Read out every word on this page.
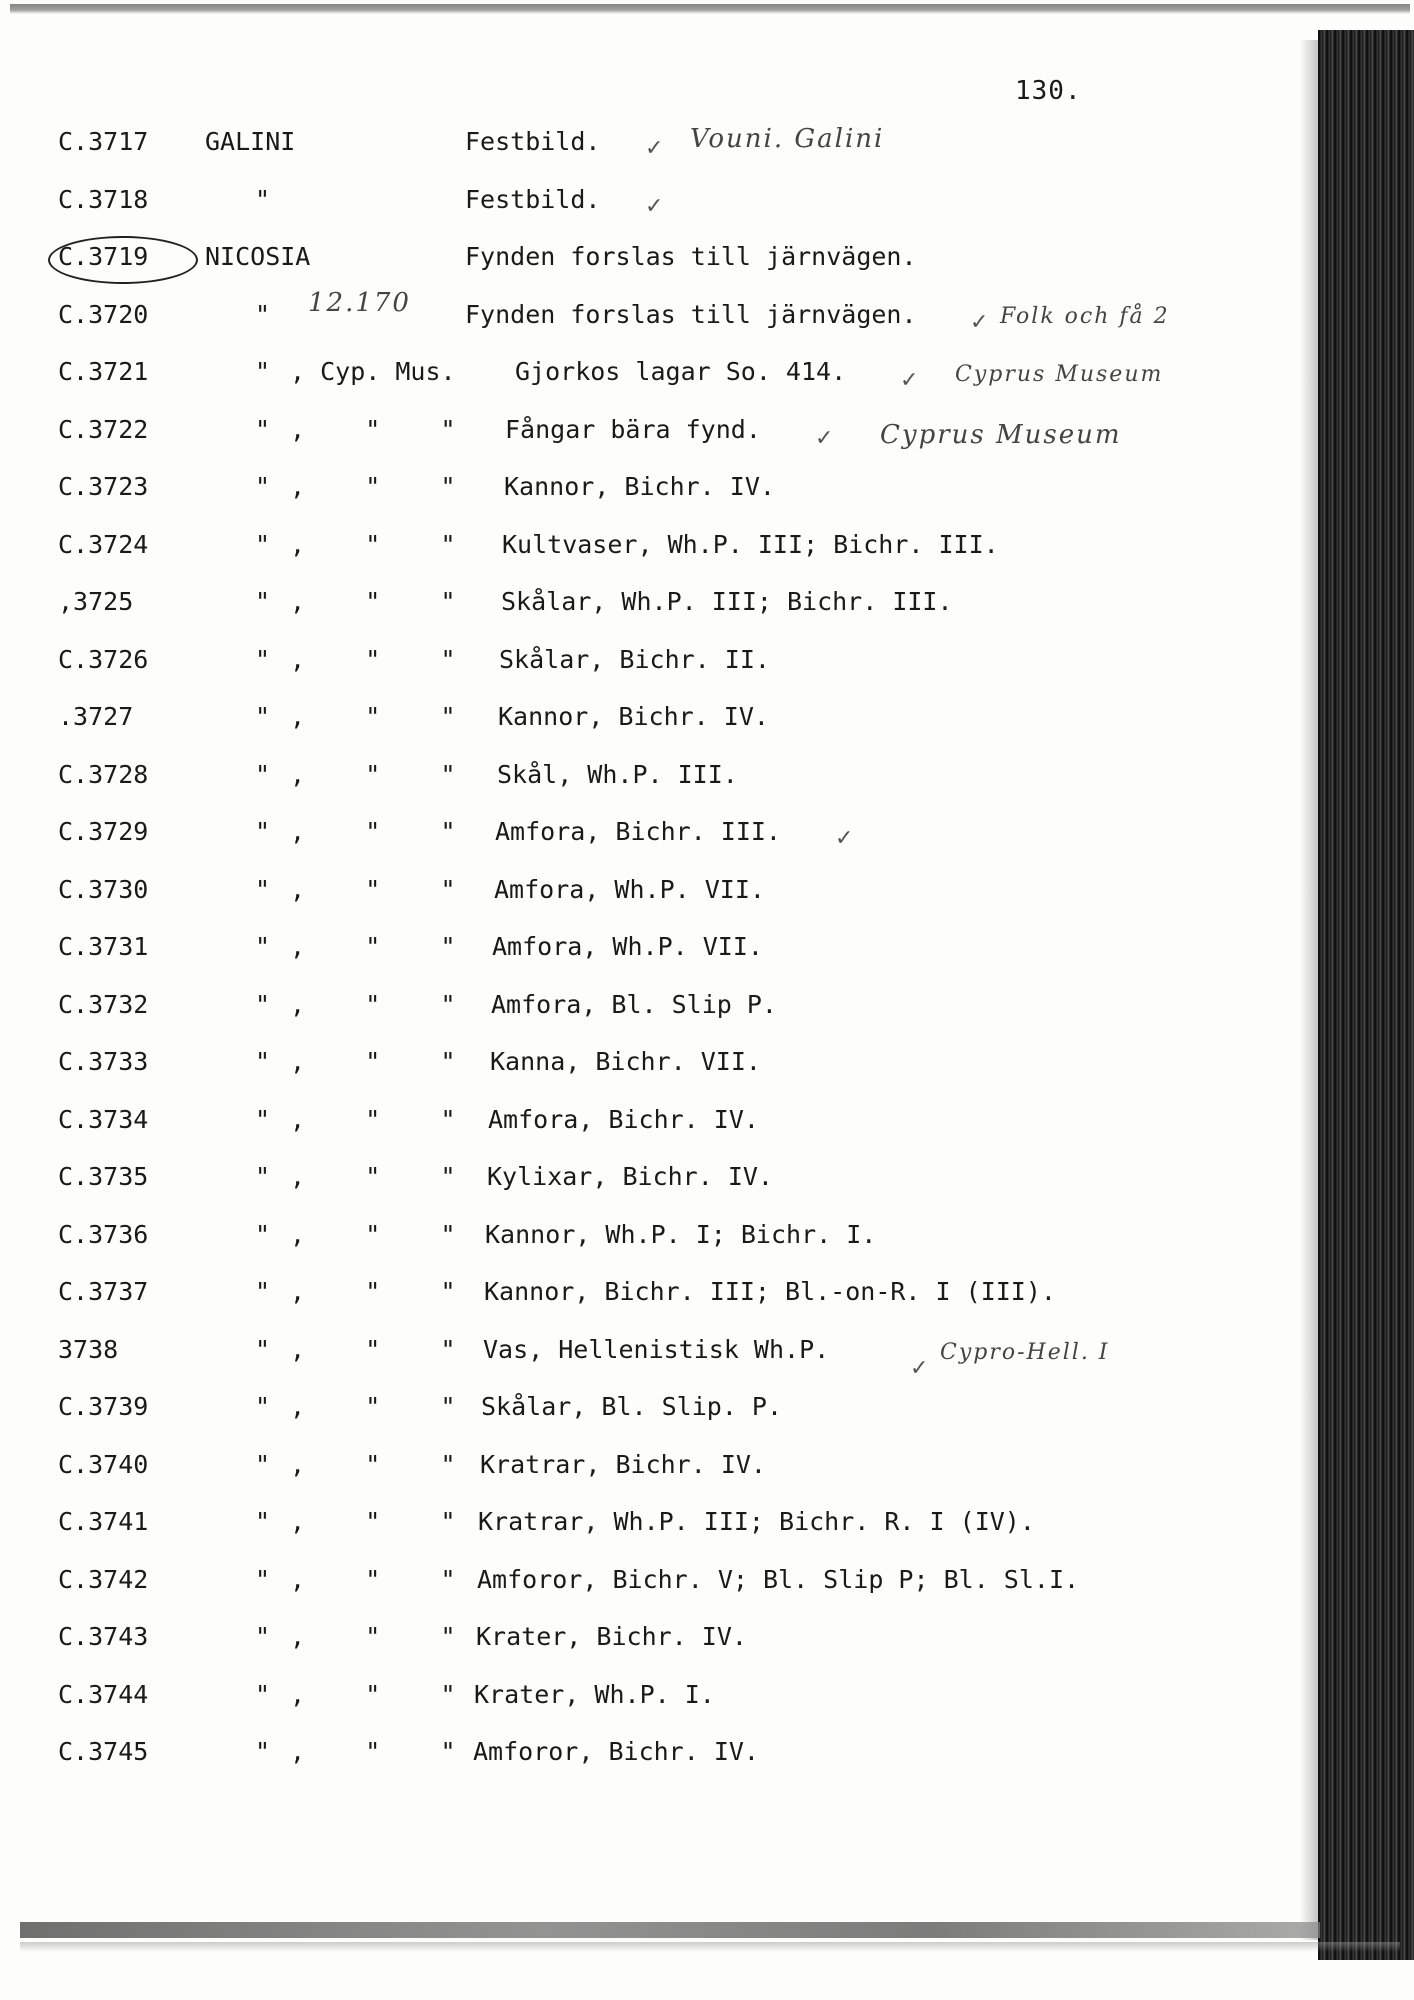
130.
C.3717 GALINI	Festbild.
C.3718	"	Festbild.
C.3719 NICOSIA	Fynden forslas till järnvägen.
C.3720	"	Fynden forslas till järnvägen.
C.3721	" , Cyp. Mus. Gjorkos lagar So. 414.
C.3722	" ,    "    " Fångar bära fynd.
C.3723	" ,    "    " Kannor, Bichr. IV.
C.3724	" ,    "    " Kultvaser, Wh.P. III; Bichr. III.
,3725	" ,    "    " Skålar, Wh.P. III; Bichr. III.
C.3726	" ,    "    " Skålar, Bichr. II.
.3727	" ,    "    " Kannor, Bichr. IV.
C.3728	" ,    "    " Skål, Wh.P. III.
C.3729	" ,    "    " Amfora, Bichr. III.
C.3730	" ,    "    " Amfora, Wh.P. VII.
C.3731	" ,    "    " Amfora, Wh.P. VII.
C.3732	" ,    "    " Amfora, Bl. Slip P.
C.3733	" ,    "    " Kanna, Bichr. VII.
C.3734	" ,    "    " Amfora, Bichr. IV.
C.3735	" ,    "    " Kylixar, Bichr. IV.
C.3736	" ,    "    " Kannor, Wh.P. I; Bichr. I.
C.3737	" ,    "    " Kannor, Bichr. III; Bl.-on-R. I (III).
3738	" ,    "    " Vas, Hellenistisk Wh.P.
C.3739	" ,    "    " Skålar, Bl. Slip. P.
C.3740	" ,    "    " Kratrar, Bichr. IV.
C.3741	" ,    "    " Kratrar, Wh.P. III; Bichr. R. I (IV).
C.3742	" ,    "    " Amforor, Bichr. V; Bl. Slip P; Bl. Sl.I.
C.3743	" ,    "    " Krater, Bichr. IV.
C.3744	" ,    "    " Krater, Wh.P. I.
C.3745	" ,    "    " Amforor, Bichr. IV.
Vouni. Galini
12.170	Folk och få 2
Cyprus Museum
Cyprus Museum
Cypro-Hell. I
✓
✓
✓
✓
✓
✓
✓
